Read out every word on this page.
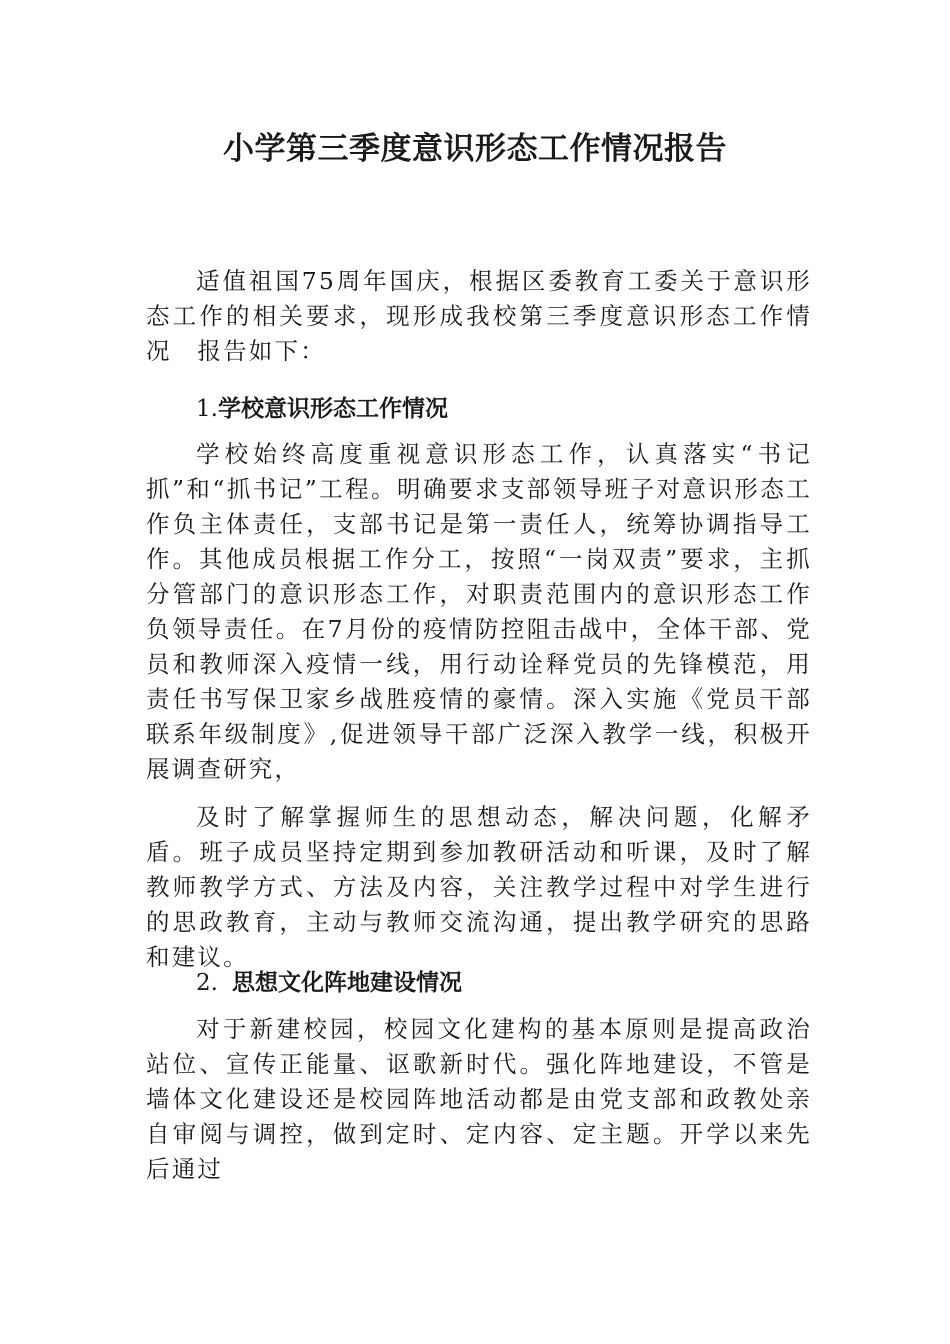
小学第三季度意识形态工作情况报告

适值祖国75周年国庆，根据区委教育工委关于意识形　态工作的相关要求，现形成我校第三季度意识形态工作情况　报告如下：

1.学校意识形态工作情况

学校始终高度重视意识形态工作，认真落实“书记抓”和“抓书记”工程。明确要求支部领导班子对意识形态工作负主体责任，支部书记是第一责任人，统筹协调指导工作。其他成员根据工作分工，按照“一岗双责”要求，主抓分管部门的意识形态工作，对职责范围内的意识形态工作负领导责任。在7月份的疫情防控阻击战中，全体干部、党员和教师深入疫情一线，用行动诠释党员的先锋模范，用责任书写保卫家乡战胜疫情的豪情。深入实施《党员干部联系年级制度》,促进领导干部广泛深入教学一线，积极开展调查研究，

及时了解掌握师生的思想动态，解决问题，化解矛盾。班子成员坚持定期到参加教研活动和听课，及时了解教师教学方式、方法及内容，关注教学过程中对学生进行的思政教育，主动与教师交流沟通，提出教学研究的思路和建议。

2. 思想文化阵地建设情况

对于新建校园，校园文化建构的基本原则是提高政治站位、宣传正能量、讴歌新时代。强化阵地建设，不管是墙体文化建设还是校园阵地活动都是由党支部和政教处亲自审阅与调控，做到定时、定内容、定主题。开学以来先后通过
